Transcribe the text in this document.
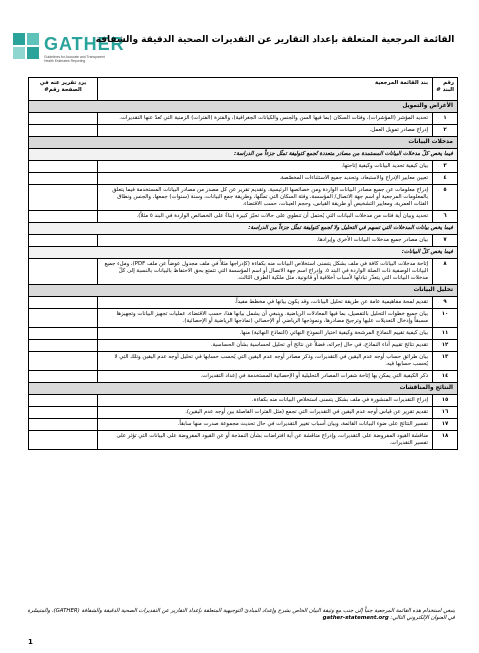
GATHER
Guidelines for Accurate and Transparent Health Estimates Reporting
القائمة المرجعية المتعلقة بإعداد التقارير عن التقديرات الصحية الدقيقة والشفافة
رقم البند #
بند القائمة المرجعية
يرد تقرير عنه في الصفحة رقم#
الأغراض والتمويل
١
تحديد المؤشر (المؤشرات)، وفئات السكان (بما فيها السن والجنس والكيانات الجغرافية)، والفترة (الفترات) الزمنية التي تُعدّ عنها التقديرات.
٢
إدراج مصادر تمويل العمل.
مدخلات البيانات
فيما يخص كلّ مدخلات البيانات المستمدة من مصادر متعددة تُجمع كتوليفة تمثّل جزءاً من الدراسة:
٣
بيان كيفية تحديد البيانات وكيفية إتاحتها.
٤
تعيين معايير الإدراج والاستبعاد، وتحديد جميع الاستثناءات المخصّصة.
٥
إدراج معلومات عن جميع مصادر البيانات الواردة ومن خصائصها الرئيسية. وتقديم تقرير عن كل مصدر من مصادر البيانات المستخدمة فيما يتعلق بالمعلومات المرجعية أو اسم جهة الاتصال/ المؤسسة، وفئة السكان التي تمثّلها، وطريقة جمع البيانات، وسنة (سنوات) جمعها، والجنس ونطاق الفئات العمرية، ومعايير التشخيص أو طريقة القياس، وحجم العينات، حسب الاقتضاء.
٦
تحديد وبيان أية فئات من مدخلات البيانات التي يُحتمل أن تنطوي على حالات تحيّز كبيرة (بناءً على الخصائص الواردة في البند ٥ مثلاً).
فيما يخص بيانات المدخلات التي تسهم في التحليل ولا تُجمع كتوليفة تمثّل جزءاً من الدراسة:
٧
بيان مصادر جميع مدخلات البيانات الأخرى وإيرادها.
فيما يخص كلّ البيانات:
٨
إتاحة مدخلات البيانات كافة في ملف بشكل يتسنى استخلاص البيانات منه بكفاءة (كإدراجها مثلاً في ملف مجدول عوضاً عن ملف PDF)، وملء جميع البيانات الوصفية ذات الصلة الواردة في البند ٥. وإدراج اسم جهة الاتصال أو اسم المؤسسة التي تتمتع بحق الاحتفاظ بالبيانات بالنسبة إلى كلّ مدخلات البيانات التي يتعذّر تبادلها لأسباب أخلاقية أو قانونية، مثل ملكية الطرف الثالث.
تحليل البيانات
٩
تقديم لمحة مفاهيمية عامة عن طريقة تحليل البيانات، وقد يكون بيانها في مخطط مفيداً.
١٠
بيان جميع خطوات التحليل بالتفصيل، بما فيها المعادلات الرياضية. وينبغي أن يشمل بيانها هذا، حسب الاقتضاء، عمليات تجهيز البيانات وتجهيزها مسبقاً وإدخال التعديلات عليها وترجيح مصادرها، ونموذجها الرياضي أو الإحصائي (نماذجها الرياضية أو الإحصائية).
١١
بيان كيفية تقييم النماذج المرشحة وكيفية اختيار النموذج النهائي (النماذج النهائية) منها.
١٢
تقديم نتائج تقييم أداء النماذج، في حال إجرائه، فضلاً عن نتائج أي تحليل لحساسية بشأن الحساسية.
١٣
بيان طرائق حساب أوجه عدم اليقين في التقديرات، وذكر مصادر أوجه عدم اليقين التي يُحسب حسابها في تحليل أوجه عدم اليقين وتلك التي لا يُحسب حسابها فيه.
١٤
ذكر الكيفية التي يمكن بها إتاحة شفرات المصادر التحليلية أو الإحصائية المستخدمة في إعداد التقديرات.
النتائج والمناقشات
١٥
إدراج التقديرات المنشورة في ملف بشكل يتسنى استخلاص البيانات منه بكفاءة.
١٦
تقديم تقرير عن قياس أوجه عدم اليقين في التقديرات التي تجمع (مثل الفترات الفاصلة بين أوجه عدم اليقين).
١٧
تفسير النتائج على ضوء البيانات القائمة، وبيان أسباب تغيير التقديرات في حال تحديث مجموعة صدرت منها سابقاً.
١٨
مناقشة القيود المفروضة على التقديرات، وإدراج مناقشة عن أية افتراضات بشأن النمذجة أو عن القيود المفروضة على البيانات التي تؤثر على تفسير التقديرات.
ينبغي استخدام هذه القائمة المرجعية جنباً إلى جنب مع وثيقة البيان الخاص بشرح وإعداد المبادئ التوجيهية المتعلقة بإعداد التقارير عن التقديرات الصحية الدقيقة والشفافة (GATHER)، والمتيسّرة في العنوان الإلكتروني التالي: gather-statement.org
1
